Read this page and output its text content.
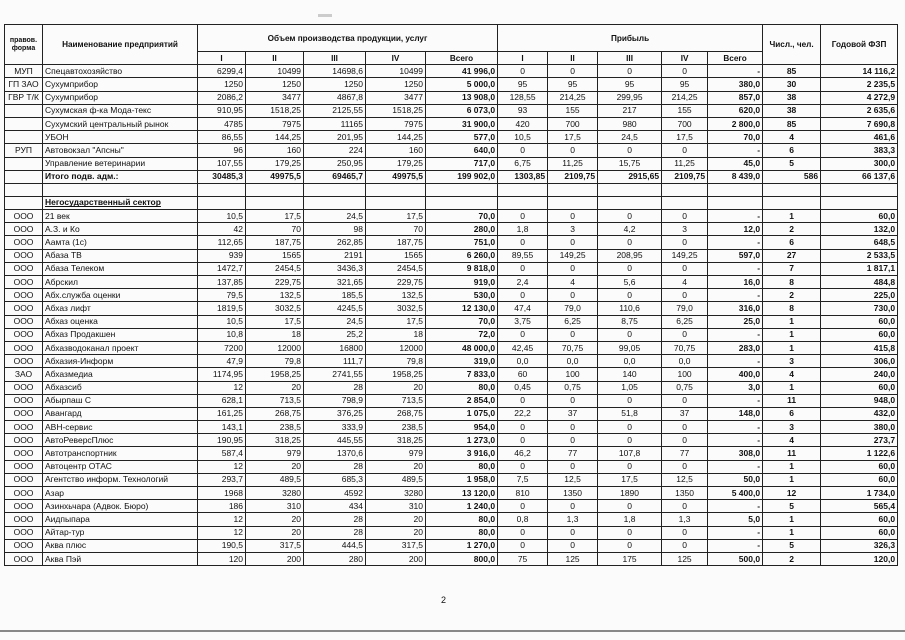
правов. форма	Наименование предприятий	Объем производства продукции, услуг					Прибыль					Числ., чел.	Годовой ФЗП
		I	II	III	IV	Всего	I	II	III	IV	Всего		
МУП	Спецавтохозяйство	6299,4	10499	14698,6	10499	41 996,0	0	0	0	0	-	85	14 116,2
ГП ЗАО	Сухумприбор	1250	1250	1250	1250	5 000,0	95	95	95	95	380,0	30	2 235,5
ГВР Т/К	Сухумприбор	2086,2	3477	4867,8	3477	13 908,0	128,55	214,25	299,95	214,25	857,0	38	4 272,9
	Сухумская ф-ка Мода-текс	910,95	1518,25	2125,55	1518,25	6 073,0	93	155	217	155	620,0	38	2 635,6
	Сухумский центральный рынок	4785	7975	11165	7975	31 900,0	420	700	980	700	2 800,0	85	7 690,8
	УБОН	86,55	144,25	201,95	144,25	577,0	10,5	17,5	24,5	17,5	70,0	4	461,6
РУП	Автовокзал "Апсны"	96	160	224	160	640,0	0	0	0	0	-	6	383,3
	Управление ветеринарии	107,55	179,25	250,95	179,25	717,0	6,75	11,25	15,75	11,25	45,0	5	300,0
	Итого подв. адм.:	30485,3	49975,5	69465,7	49975,5	199 902,0	1303,85	2109,75	2915,65	2109,75	8 439,0	586	66 137,6

	Негосударственный сектор												
ООО	21 век	10,5	17,5	24,5	17,5	70,0	0	0	0	0	-	1	60,0
ООО	А.З. и Ко	42	70	98	70	280,0	1,8	3	4,2	3	12,0	2	132,0
ООО	Аамта (1с)	112,65	187,75	262,85	187,75	751,0	0	0	0	0	-	6	648,5
ООО	Абаза ТВ	939	1565	2191	1565	6 260,0	89,55	149,25	208,95	149,25	597,0	27	2 533,5
ООО	Абаза Телеком	1472,7	2454,5	3436,3	2454,5	9 818,0	0	0	0	0	-	7	1 817,1
ООО	Абрскил	137,85	229,75	321,65	229,75	919,0	2,4	4	5,6	4	16,0	8	484,8
ООО	Абх.служба оценки	79,5	132,5	185,5	132,5	530,0	0	0	0	0	-	2	225,0
ООО	Абхаз лифт	1819,5	3032,5	4245,5	3032,5	12 130,0	47,4	79,0	110,6	79,0	316,0	8	730,0
ООО	Абхаз оценка	10,5	17,5	24,5	17,5	70,0	3,75	6,25	8,75	6,25	25,0	1	60,0
ООО	Абхаз Продакшен	10,8	18	25,2	18	72,0	0	0	0	0	-	1	60,0
ООО	Абхазводоканал проект	7200	12000	16800	12000	48 000,0	42,45	70,75	99,05	70,75	283,0	1	415,8
ООО	Абхазия-Информ	47,9	79,8	111,7	79,8	319,0	0,0	0,0	0,0	0,0	-	3	306,0
ЗАО	Абхазмедиа	1174,95	1958,25	2741,55	1958,25	7 833,0	60	100	140	100	400,0	4	240,0
ООО	Абхазсиб	12	20	28	20	80,0	0,45	0,75	1,05	0,75	3,0	1	60,0
ООО	Абырпаш С	628,1	713,5	798,9	713,5	2 854,0	0	0	0	0	-	11	948,0
ООО	Авангард	161,25	268,75	376,25	268,75	1 075,0	22,2	37	51,8	37	148,0	6	432,0
ООО	АВН-сервис	143,1	238,5	333,9	238,5	954,0	0	0	0	0	-	3	380,0
ООО	АвтоРеверсПлюс	190,95	318,25	445,55	318,25	1 273,0	0	0	0	0	-	4	273,7
ООО	Автотранспортник	587,4	979	1370,6	979	3 916,0	46,2	77	107,8	77	308,0	11	1 122,6
ООО	Автоцентр ОТАС	12	20	28	20	80,0	0	0	0	0	-	1	60,0
ООО	Агентство информ. Технологий	293,7	489,5	685,3	489,5	1 958,0	7,5	12,5	17,5	12,5	50,0	1	60,0
ООО	Азар	1968	3280	4592	3280	13 120,0	810	1350	1890	1350	5 400,0	12	1 734,0
ООО	Азинхьчара (Адвок. Бюро)	186	310	434	310	1 240,0	0	0	0	0	-	5	565,4
ООО	Аидпыпара	12	20	28	20	80,0	0,8	1,3	1,8	1,3	5,0	1	60,0
ООО	Айтар-тур	12	20	28	20	80,0	0	0	0	0	-	1	60,0
ООО	Аква плюс	190,5	317,5	444,5	317,5	1 270,0	0	0	0	0	-	5	326,3
ООО	Аква Пэй	120	200	280	200	800,0	75	125	175	125	500,0	2	120,0
2
